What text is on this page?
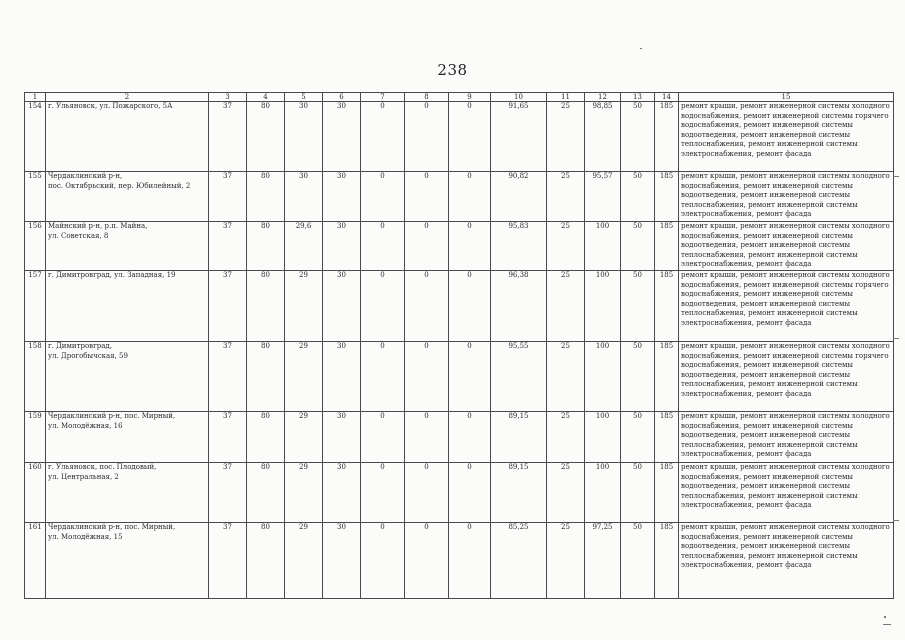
238
1	2	3	4	5	6	7	8	9	10	11	12	13	14	15
154	г. Ульяновск, ул. Пожарского, 5А	37	80	30	30	0	0	0	91,65	25	98,85	50	185	ремонт крыши, ремонт инженерной системы холодного водоснабжения, ремонт инженерной системы горячего водоснабжения, ремонт инженерной системы водоотведения, ремонт инженерной системы теплоснабжения, ремонт инженерной системы электроснабжения, ремонт фасада
155	Чердаклинский р-н,
пос. Октябрьский, пер. Юбилейный, 2	37	80	30	30	0	0	0	90,82	25	95,57	50	185	ремонт крыши, ремонт инженерной системы холодного водоснабжения, ремонт инженерной системы водоотведения, ремонт инженерной системы теплоснабжения, ремонт инженерной системы электроснабжения, ремонт фасада
156	Майнский р-н, р.п. Майна,
ул. Советская, 8	37	80	29,6	30	0	0	0	95,83	25	100	50	185	ремонт крыши, ремонт инженерной системы холодного водоснабжения, ремонт инженерной системы водоотведения, ремонт инженерной системы теплоснабжения, ремонт инженерной системы электроснабжения, ремонт фасада
157	г. Димитровград, ул. Западная, 19	37	80	29	30	0	0	0	96,38	25	100	50	185	ремонт крыши, ремонт инженерной системы холодного водоснабжения, ремонт инженерной системы горячего водоснабжения, ремонт инженерной системы водоотведения, ремонт инженерной системы теплоснабжения, ремонт инженерной системы электроснабжения, ремонт фасада
158	г. Димитровград,
ул. Дрогобычская, 59	37	80	29	30	0	0	0	95,55	25	100	50	185	ремонт крыши, ремонт инженерной системы холодного водоснабжения, ремонт инженерной системы горячего водоснабжения, ремонт инженерной системы водоотведения, ремонт инженерной системы теплоснабжения, ремонт инженерной системы электроснабжения, ремонт фасада
159	Чердаклинский р-н, пос. Мирный,
ул. Молодёжная, 16	37	80	29	30	0	0	0	89,15	25	100	50	185	ремонт крыши, ремонт инженерной системы холодного водоснабжения, ремонт инженерной системы водоотведения, ремонт инженерной системы теплоснабжения, ремонт инженерной системы электроснабжения, ремонт фасада
160	г. Ульяновск, пос. Плодовый,
ул. Центральная, 2	37	80	29	30	0	0	0	89,15	25	100	50	185	ремонт крыши, ремонт инженерной системы холодного водоснабжения, ремонт инженерной системы водоотведения, ремонт инженерной системы теплоснабжения, ремонт инженерной системы электроснабжения, ремонт фасада
161	Чердаклинский р-н, пос. Мирный,
ул. Молодёжная, 15	37	80	29	30	0	0	0	85,25	25	97,25	50	185	ремонт крыши, ремонт инженерной системы холодного водоснабжения, ремонт инженерной системы водоотведения, ремонт инженерной системы теплоснабжения, ремонт инженерной системы электроснабжения, ремонт фасада
